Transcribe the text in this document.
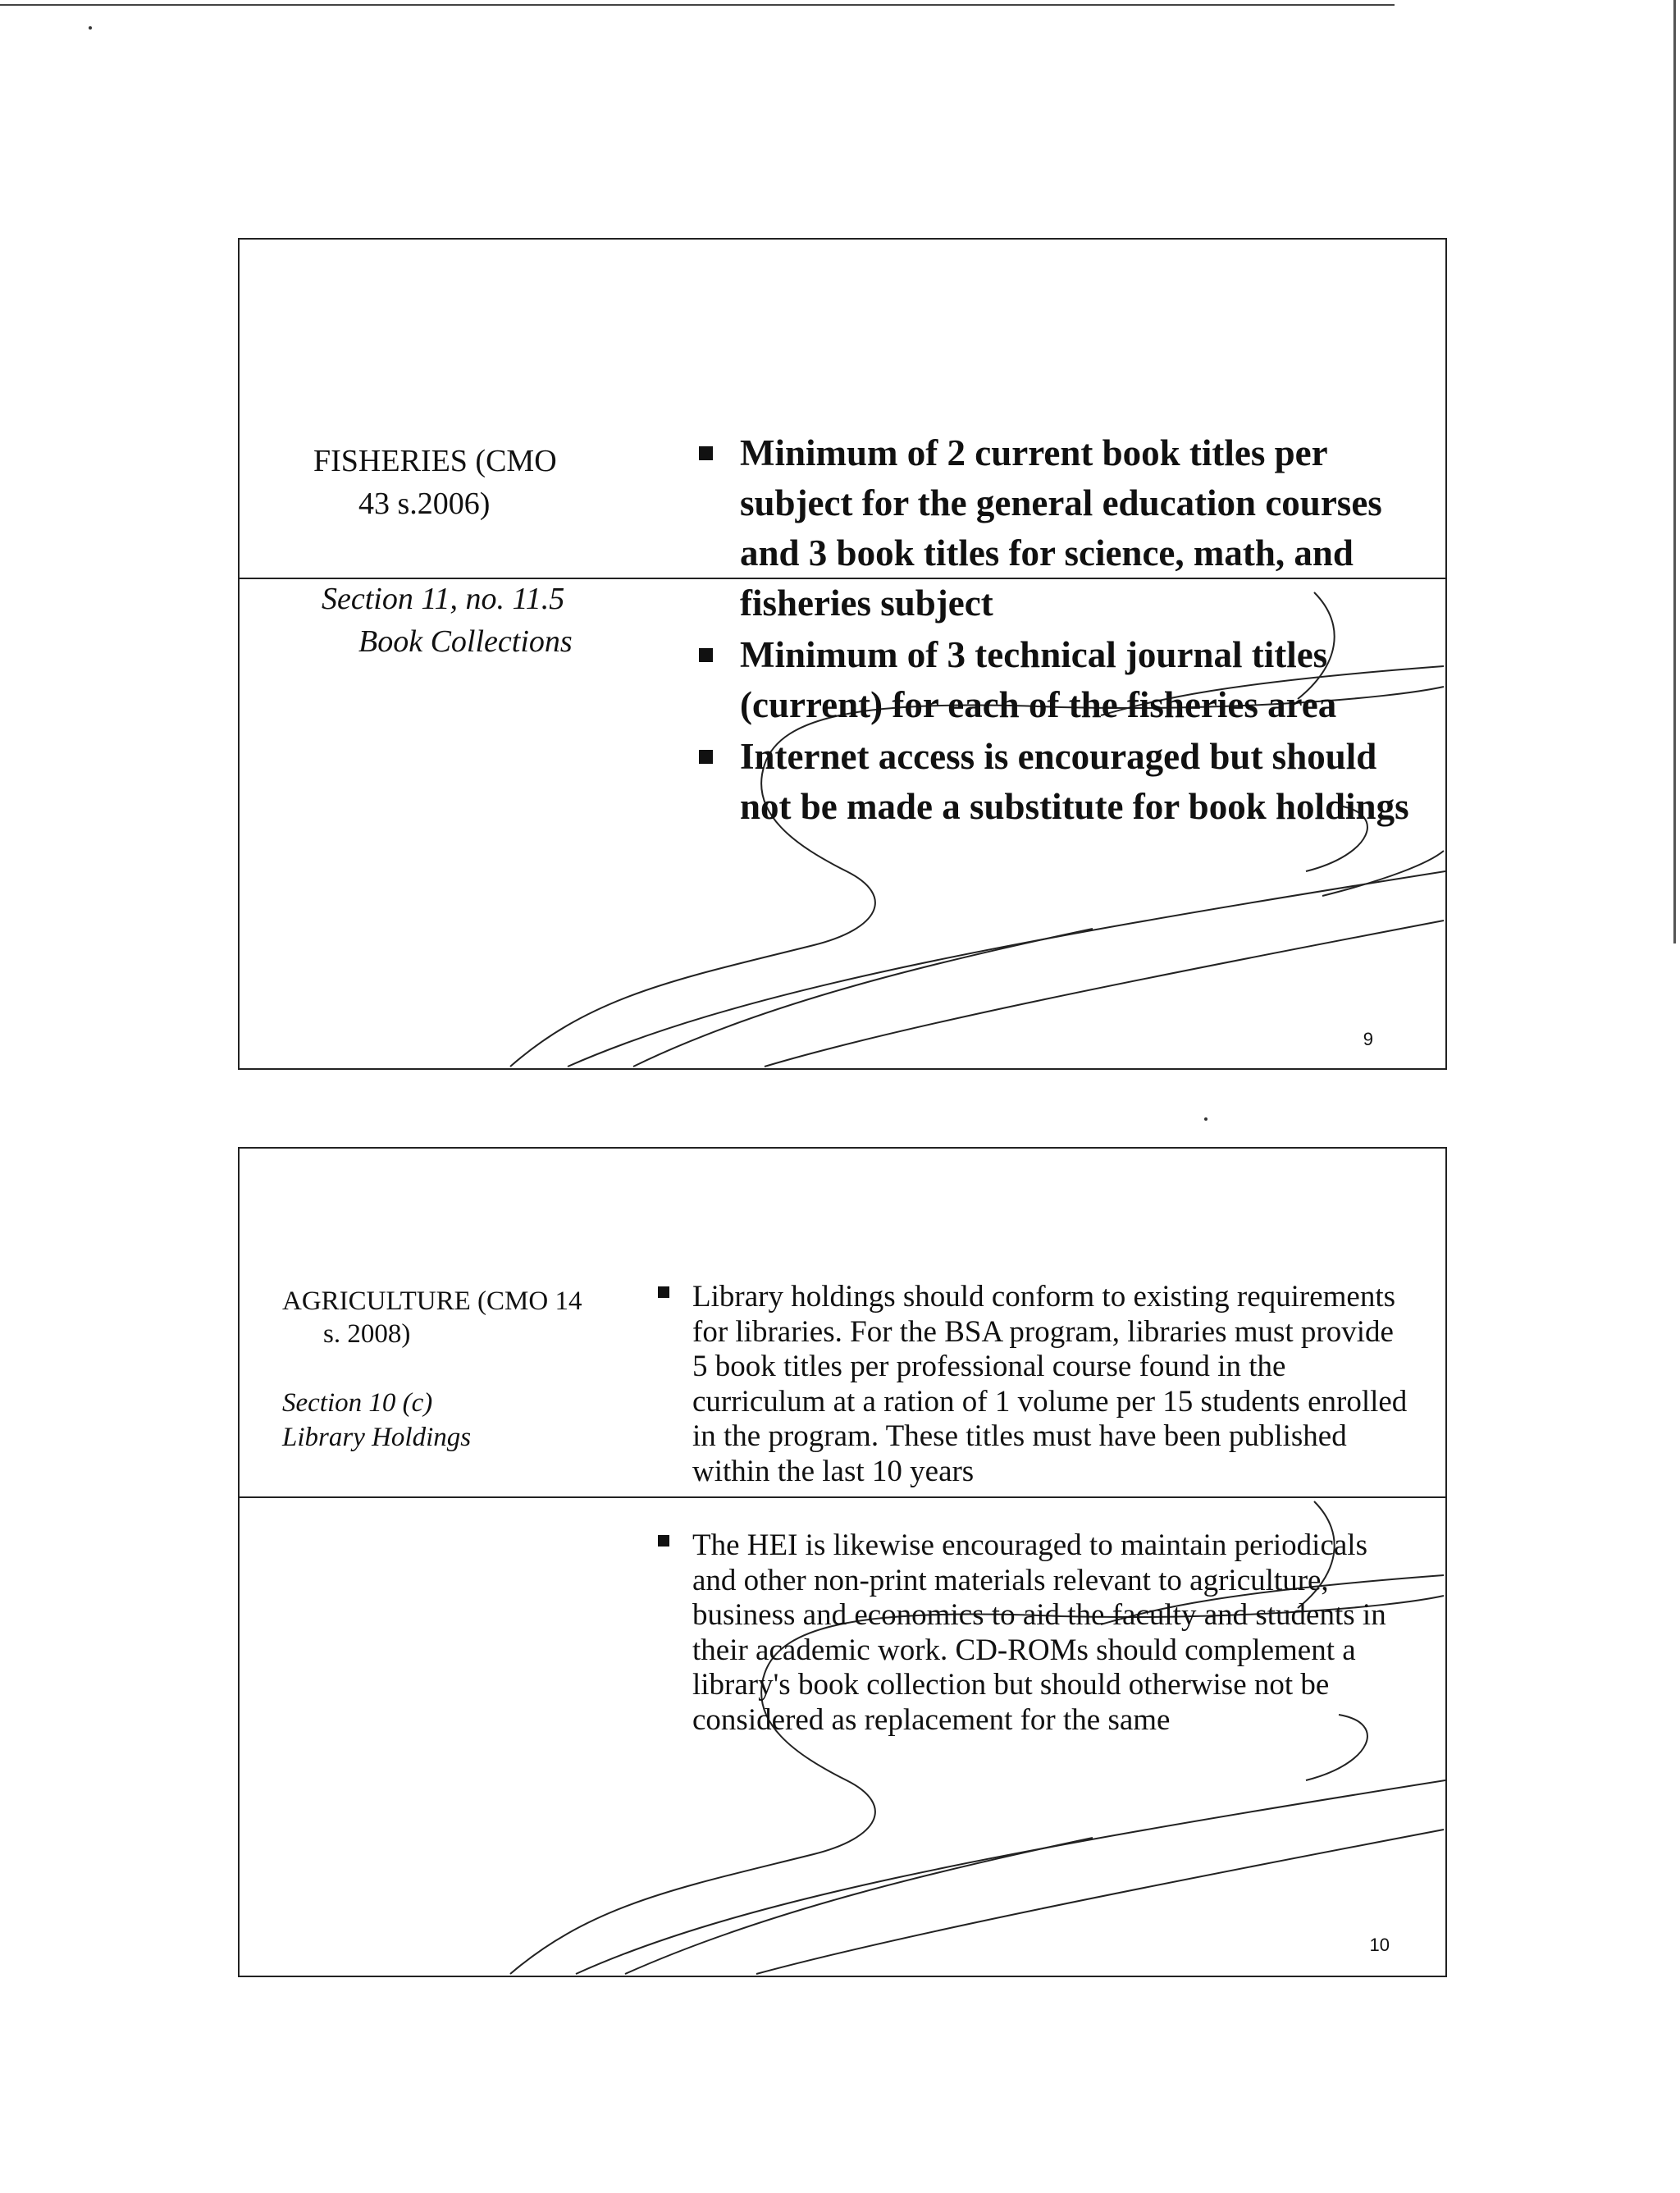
FISHERIES (CMO
43 s.2006)
Section 11, no. 11.5
Book Collections
Minimum of 2 current book titles per subject for the general education courses and 3 book titles for science, math, and fisheries subject
Minimum of 3 technical journal titles (current) for each of the fisheries area
Internet access is encouraged but should not be made a substitute for book holdings
9
AGRICULTURE (CMO 14
s. 2008)
Section 10 (c)
Library Holdings
Library holdings should conform to existing requirements for libraries. For the BSA program, libraries must provide 5 book titles per professional course found in the curriculum at a ration of 1 volume per 15 students enrolled in the program. These titles must have been published within the last 10 years
The HEI is likewise encouraged to maintain periodicals and other non-print materials relevant to agriculture, business and economics to aid the faculty and students in their academic work. CD-ROMs should complement a library's book collection but should otherwise not be considered as replacement for the same
10
